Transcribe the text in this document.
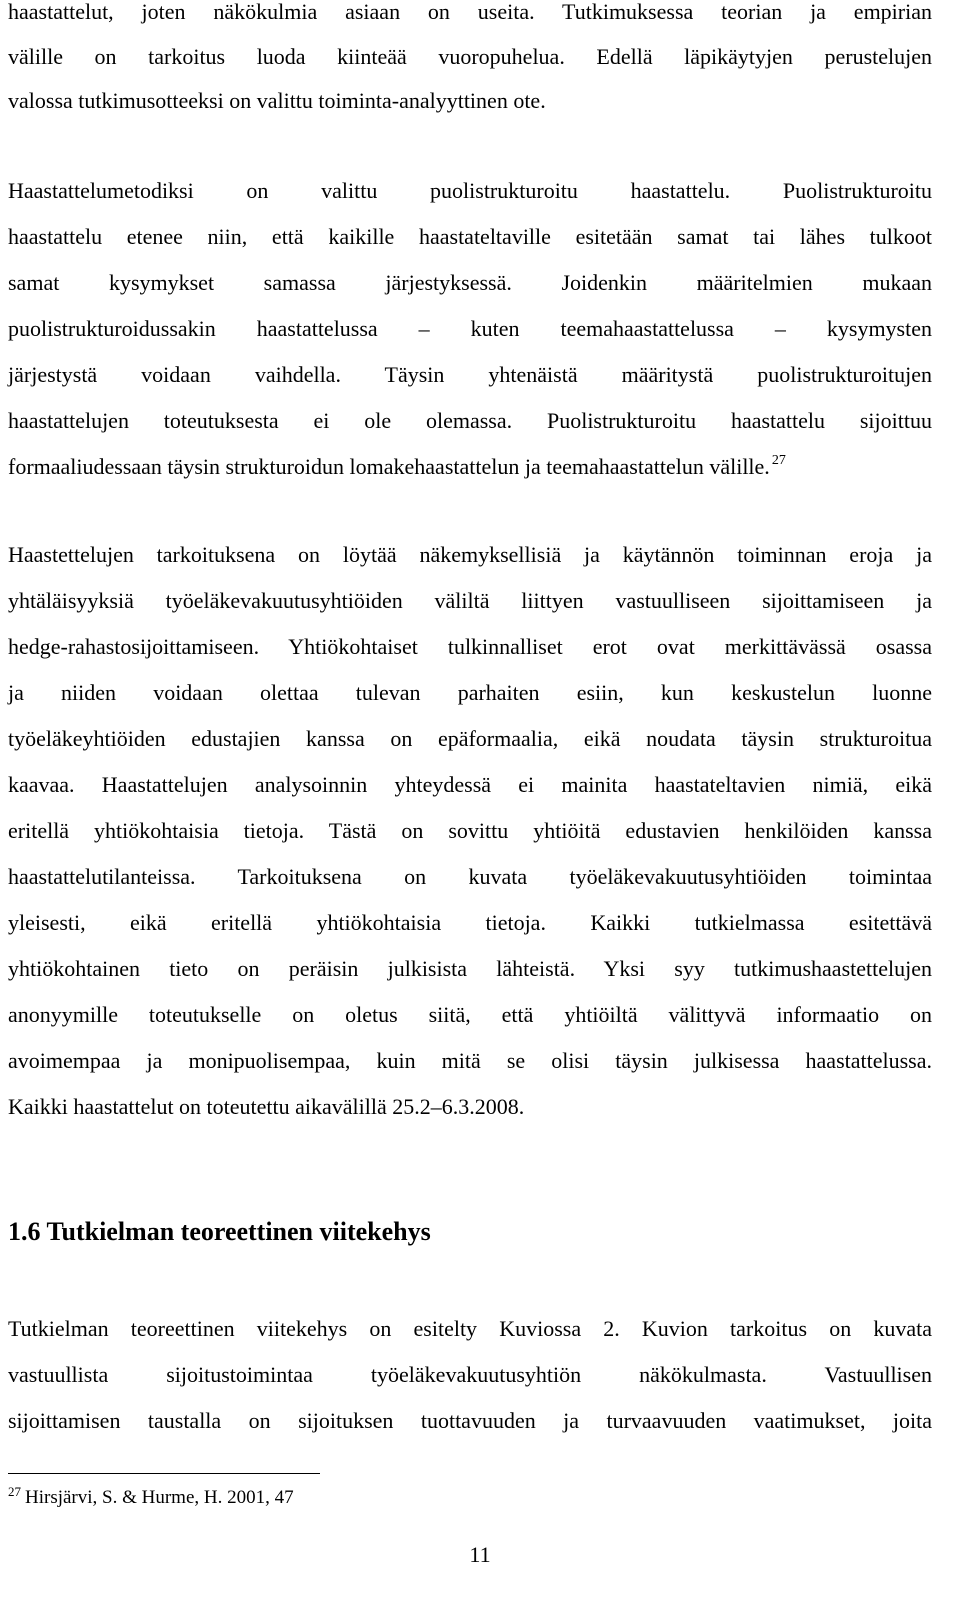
haastattelut, joten näkökulmia asiaan on useita. Tutkimuksessa teorian ja empirian
välille on tarkoitus luoda kiinteää vuoropuhelua. Edellä läpikäytyjen perustelujen
valossa tutkimusotteeksi on valittu toiminta-analyyttinen ote.
Haastattelumetodiksi on valittu puolistrukturoitu haastattelu. Puolistrukturoitu
haastattelu etenee niin, että kaikille haastateltaville esitetään samat tai lähes tulkoot
samat kysymykset samassa järjestyksessä. Joidenkin määritelmien mukaan
puolistrukturoidussakin haastattelussa – kuten teemahaastattelussa – kysymysten
järjestystä voidaan vaihdella. Täysin yhtenäistä määritystä puolistrukturoitujen
haastattelujen toteutuksesta ei ole olemassa. Puolistrukturoitu haastattelu sijoittuu
formaaliudessaan täysin strukturoidun lomakehaastattelun ja teemahaastattelun välille. $^{27}$
Haastettelujen tarkoituksena on löytää näkemyksellisiä ja käytännön toiminnan eroja ja
yhtäläisyyksiä työeläkevakuutusyhtiöiden väliltä liittyen vastuulliseen sijoittamiseen ja
hedge-rahastosijoittamiseen. Yhtiökohtaiset tulkinnalliset erot ovat merkittävässä osassa
ja niiden voidaan olettaa tulevan parhaiten esiin, kun keskustelun luonne
työeläkeyhtiöiden edustajien kanssa on epäformaalia, eikä noudata täysin strukturoitua
kaavaa. Haastattelujen analysoinnin yhteydessä ei mainita haastateltavien nimiä, eikä
eritellä yhtiökohtaisia tietoja. Tästä on sovittu yhtiöitä edustavien henkilöiden kanssa
haastattelutilanteissa. Tarkoituksena on kuvata työeläkevakuutusyhtiöiden toimintaa
yleisesti, eikä eritellä yhtiökohtaisia tietoja. Kaikki tutkielmassa esitettävä
yhtiökohtainen tieto on peräisin julkisista lähteistä. Yksi syy tutkimushaastettelujen
anonyymille toteutukselle on oletus siitä, että yhtiöiltä välittyvä informaatio on
avoimempaa ja monipuolisempaa, kuin mitä se olisi täysin julkisessa haastattelussa.
Kaikki haastattelut on toteutettu aikavälillä 25.2–6.3.2008.
1.6 Tutkielman teoreettinen viitekehys
Tutkielman teoreettinen viitekehys on esitelty Kuviossa 2. Kuvion tarkoitus on kuvata
vastuullista sijoitustoimintaa työeläkevakuutusyhtiön näkökulmasta. Vastuullisen
sijoittamisen taustalla on sijoituksen tuottavuuden ja turvaavuuden vaatimukset, joita

$^{27}$ Hirsjärvi, S. & Hurme, H. 2001, 47

11
